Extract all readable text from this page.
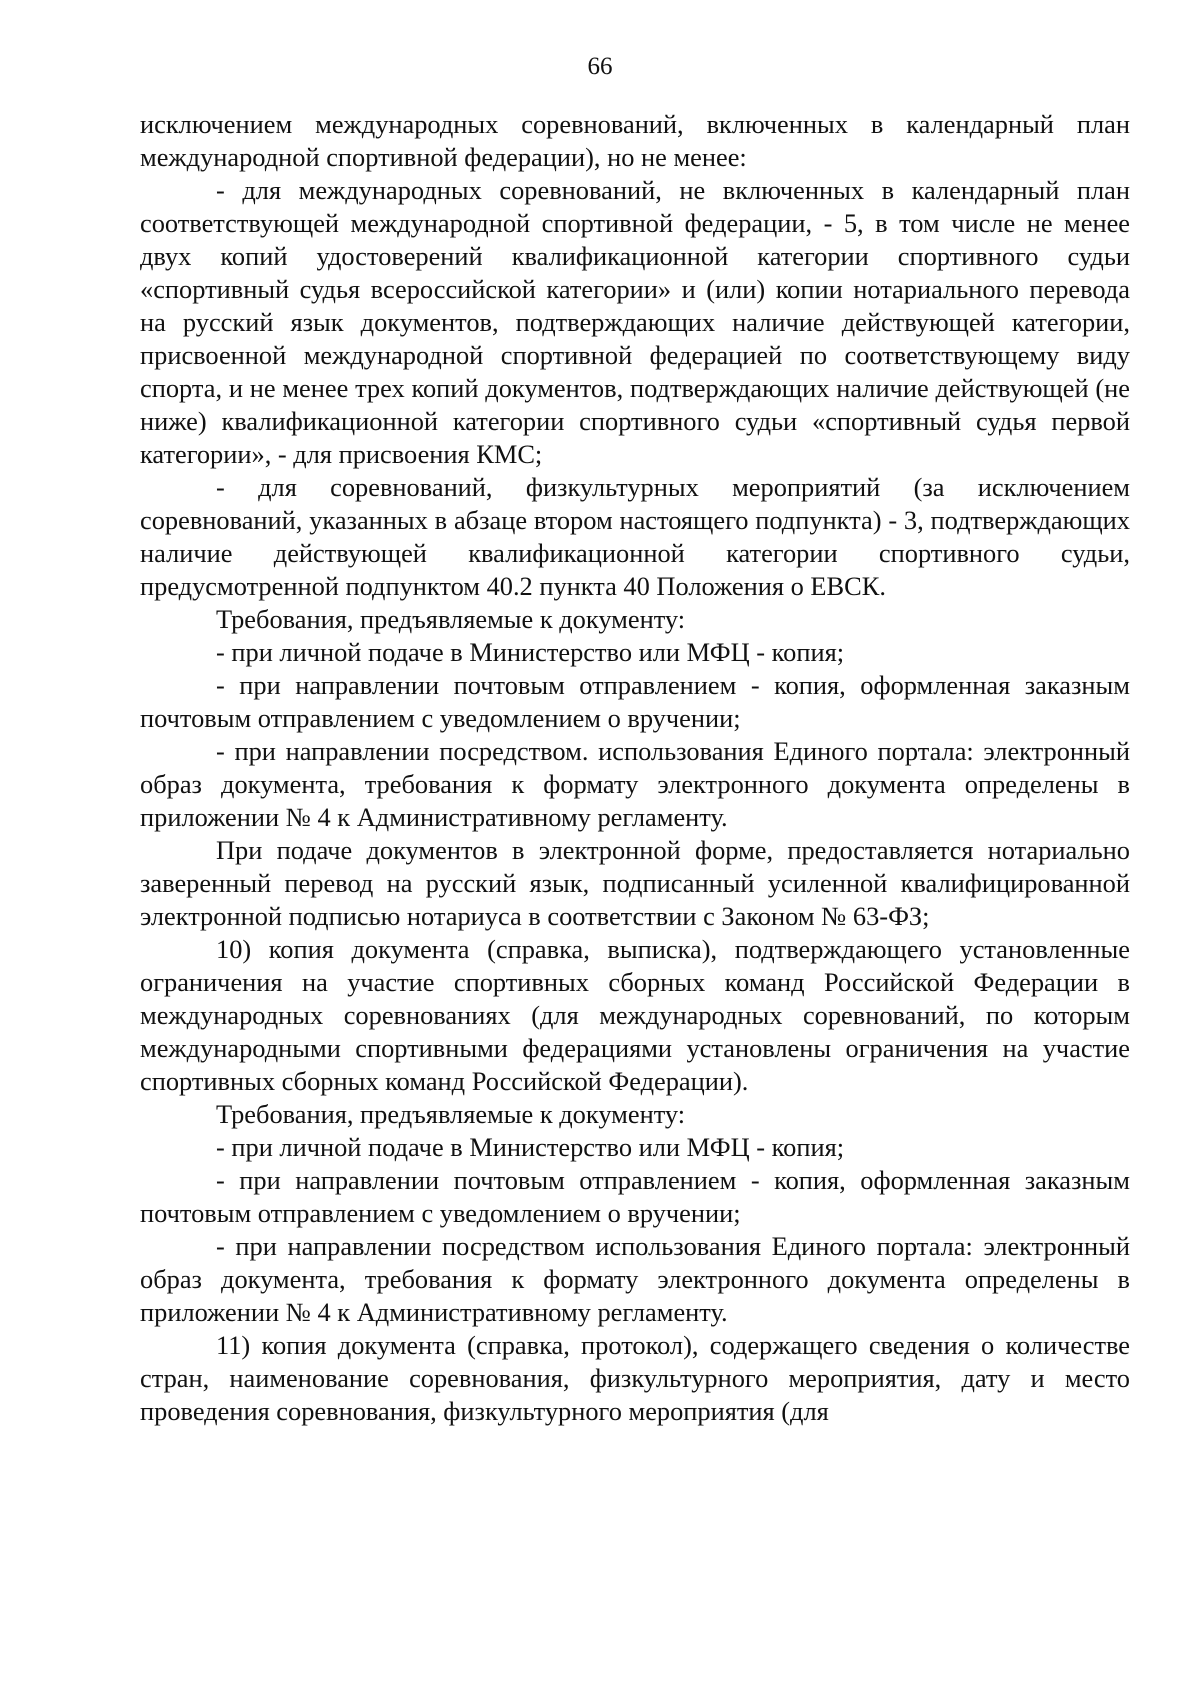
66

исключением международных соревнований, включенных в календарный план международной спортивной федерации), но не менее:

- для международных соревнований, не включенных в календарный план соответствующей международной спортивной федерации, - 5, в том числе не менее двух копий удостоверений квалификационной категории спортивного судьи «спортивный судья всероссийской категории» и (или) копии нотариального перевода на русский язык документов, подтверждающих наличие действующей категории, присвоенной международной спортивной федерацией по соответствующему виду спорта, и не менее трех копий документов, подтверждающих наличие действующей (не ниже) квалификационной категории спортивного судьи «спортивный судья первой категории», - для присвоения КМС;

- для соревнований, физкультурных мероприятий (за исключением соревнований, указанных в абзаце втором настоящего подпункта) - 3, подтверждающих наличие действующей квалификационной категории спортивного судьи, предусмотренной подпунктом 40.2 пункта 40 Положения о ЕВСК.

Требования, предъявляемые к документу:

- при личной подаче в Министерство или МФЦ - копия;

- при направлении почтовым отправлением - копия, оформленная заказным почтовым отправлением с уведомлением о вручении;

- при направлении посредством. использования Единого портала: электронный образ документа, требования к формату электронного документа определены в приложении № 4 к Административному регламенту.

При подаче документов в электронной форме, предоставляется нотариально заверенный перевод на русский язык, подписанный усиленной квалифицированной электронной подписью нотариуса в соответствии с Законом № 63-ФЗ;

10) копия документа (справка, выписка), подтверждающего установленные ограничения на участие спортивных сборных команд Российской Федерации в международных соревнованиях (для международных соревнований, по которым международными спортивными федерациями установлены ограничения на участие спортивных сборных команд Российской Федерации).

Требования, предъявляемые к документу:

- при личной подаче в Министерство или МФЦ - копия;

- при направлении почтовым отправлением - копия, оформленная заказным почтовым отправлением с уведомлением о вручении;

- при направлении посредством использования Единого портала: электронный образ документа, требования к формату электронного документа определены в приложении № 4 к Административному регламенту.

11) копия документа (справка, протокол), содержащего сведения о количестве стран, наименование соревнования, физкультурного мероприятия, дату и место проведения соревнования, физкультурного мероприятия (для
